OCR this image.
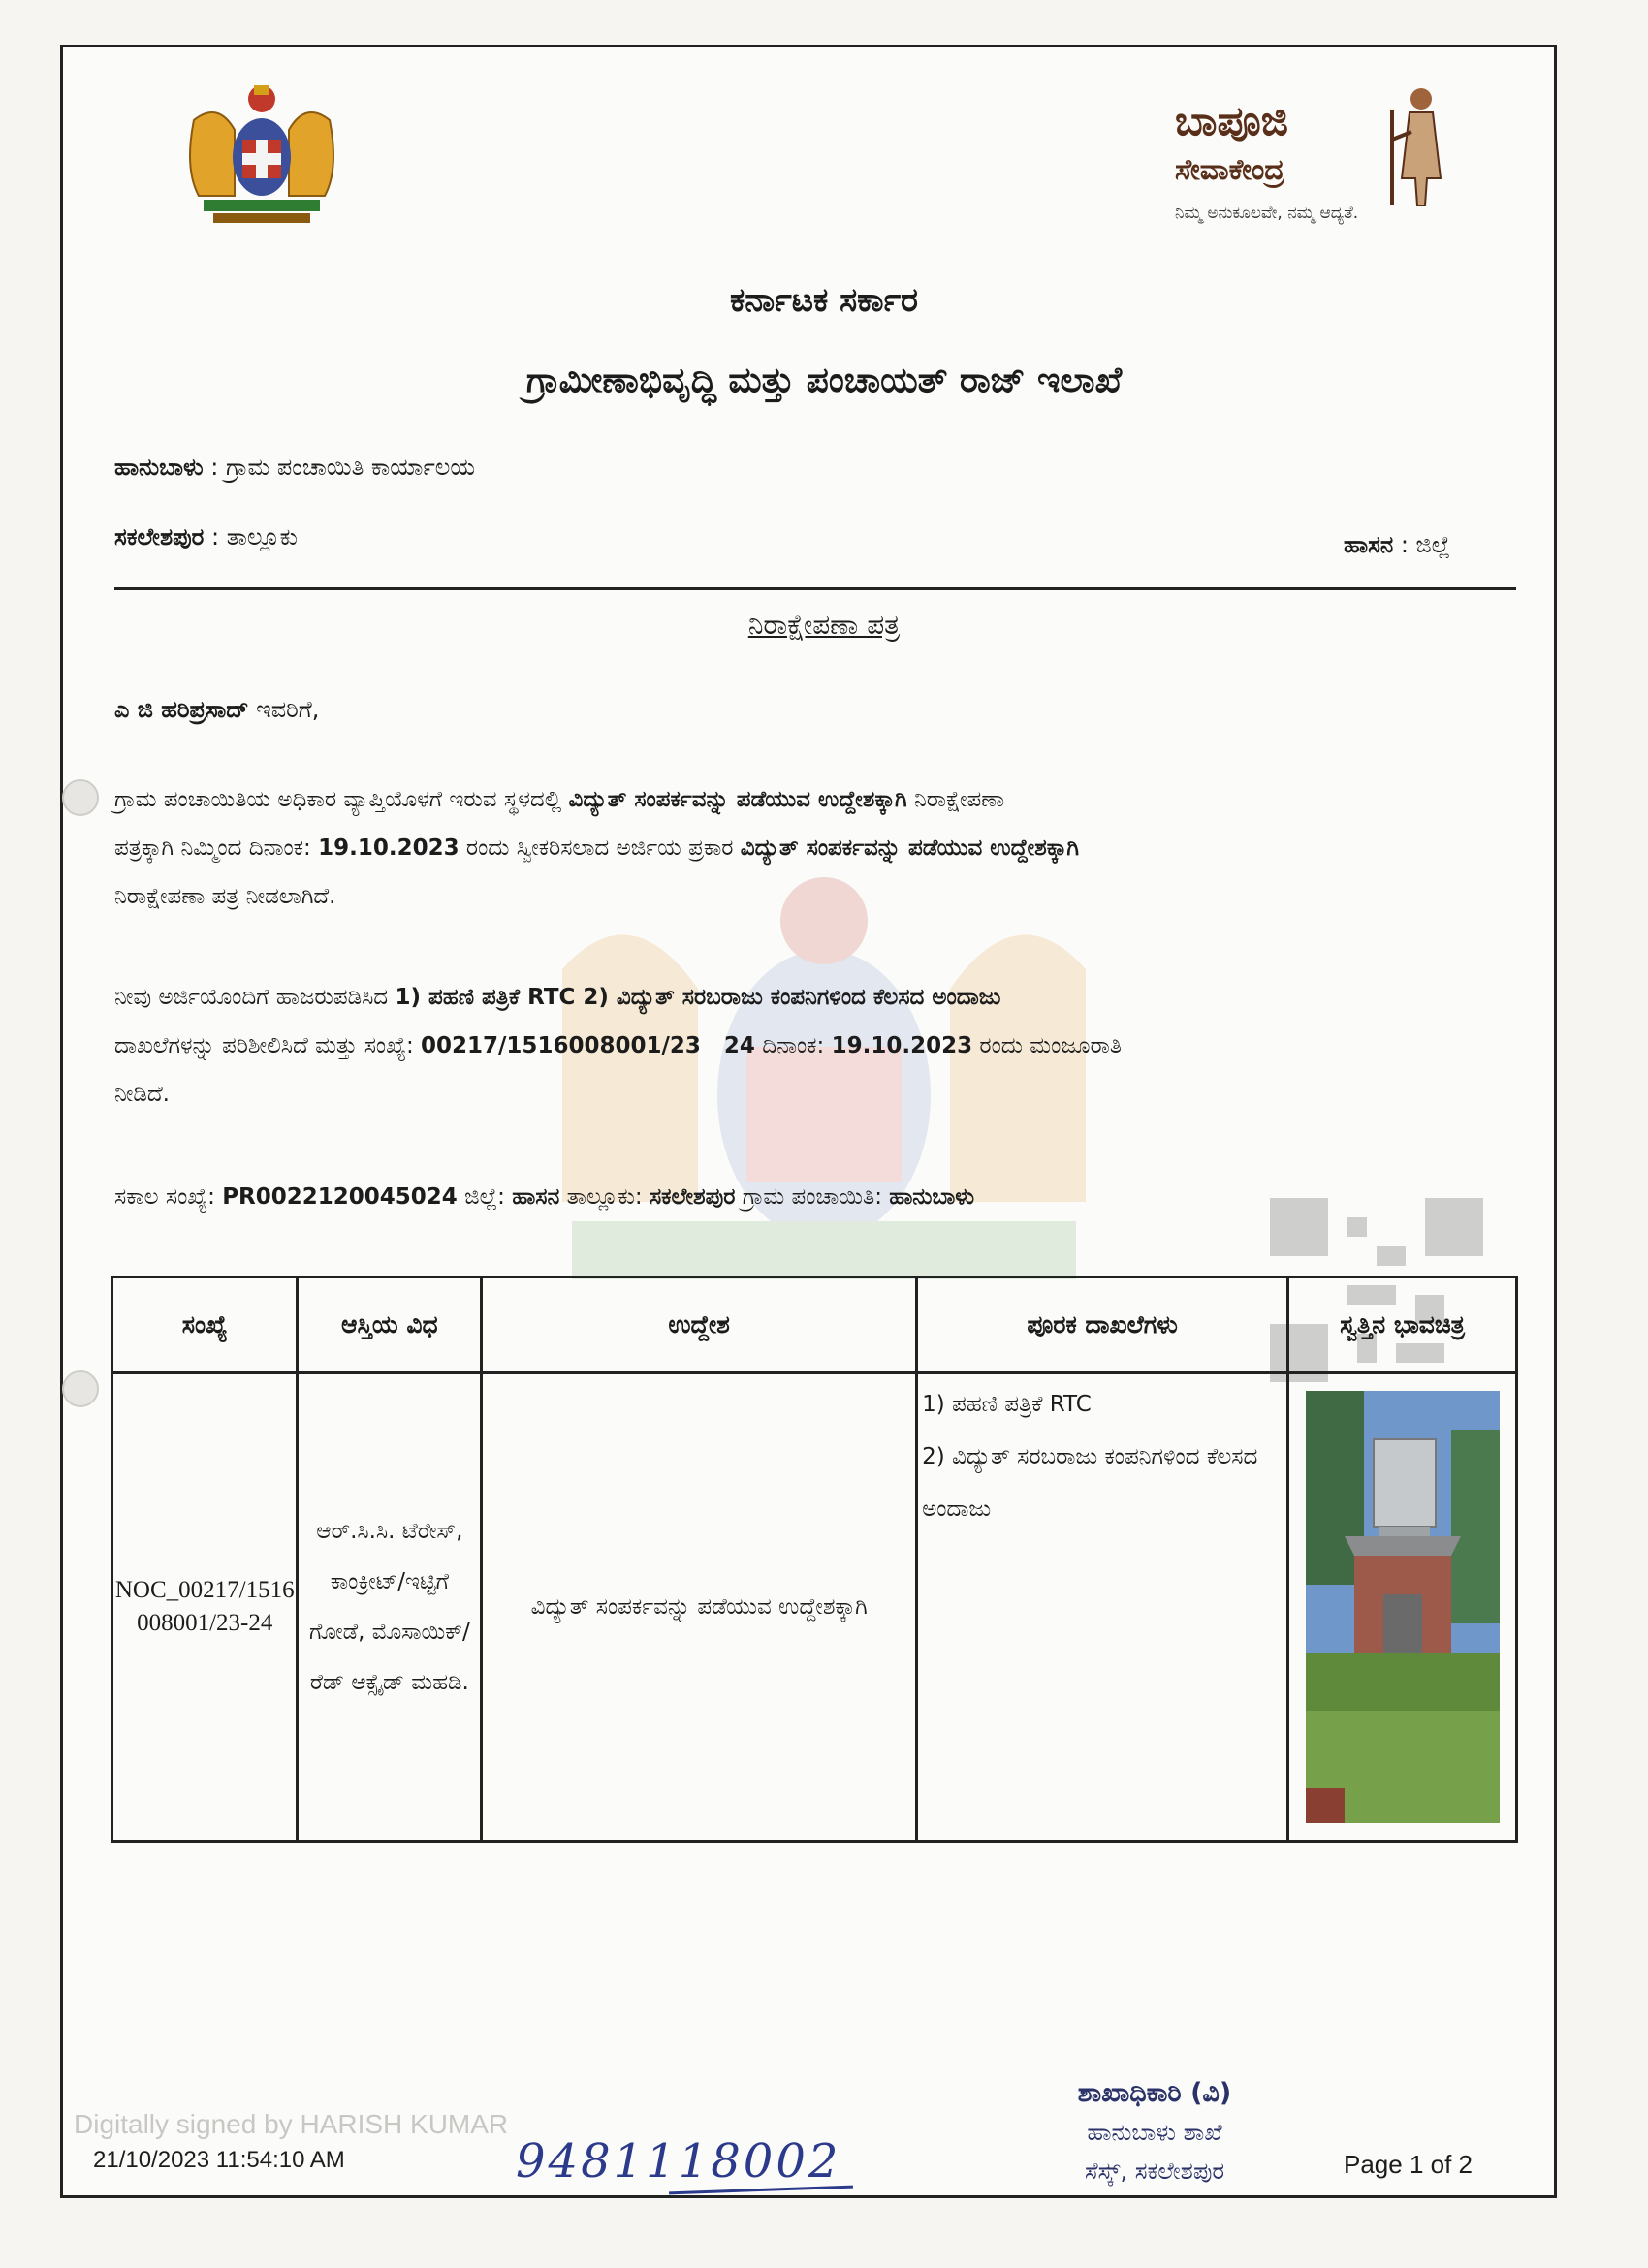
ಬಾಪೂಜಿ
ಸೇವಾಕೇಂದ್ರ
ನಿಮ್ಮ ಅನುಕೂಲವೇ, ನಮ್ಮ ಆದ್ಯತೆ.
ಕರ್ನಾಟಕ ಸರ್ಕಾರ
ಗ್ರಾಮೀಣಾಭಿವೃದ್ಧಿ ಮತ್ತು ಪಂಚಾಯತ್ ರಾಜ್ ಇಲಾಖೆ
ಹಾನುಬಾಳು : ಗ್ರಾಮ ಪಂಚಾಯಿತಿ ಕಾರ್ಯಾಲಯ
ಸಕಲೇಶಪುರ : ತಾಲ್ಲೂಕು	ಹಾಸನ : ಜಿಲ್ಲೆ
ನಿರಾಕ್ಷೇಪಣಾ ಪತ್ರ
ಎ ಜಿ ಹರಿಪ್ರಸಾದ್ ಇವರಿಗೆ,
ಗ್ರಾಮ ಪಂಚಾಯಿತಿಯ ಅಧಿಕಾರ ವ್ಯಾಪ್ತಿಯೊಳಗೆ ಇರುವ ಸ್ಥಳದಲ್ಲಿ ವಿದ್ಯುತ್ ಸಂಪರ್ಕವನ್ನು ಪಡೆಯುವ ಉದ್ದೇಶಕ್ಕಾಗಿ ನಿರಾಕ್ಷೇಪಣಾ
ಪತ್ರಕ್ಕಾಗಿ ನಿಮ್ಮಿಂದ ದಿನಾಂಕ: 19.10.2023 ರಂದು ಸ್ವೀಕರಿಸಲಾದ ಅರ್ಜಿಯ ಪ್ರಕಾರ ವಿದ್ಯುತ್ ಸಂಪರ್ಕವನ್ನು ಪಡೆಯುವ ಉದ್ದೇಶಕ್ಕಾಗಿ
ನಿರಾಕ್ಷೇಪಣಾ ಪತ್ರ ನೀಡಲಾಗಿದೆ.
ನೀವು ಅರ್ಜಿಯೊಂದಿಗೆ ಹಾಜರುಪಡಿಸಿದ 1) ಪಹಣಿ ಪತ್ರಿಕೆ RTC 2) ವಿದ್ಯುತ್ ಸರಬರಾಜು ಕಂಪನಿಗಳಿಂದ ಕೆಲಸದ ಅಂದಾಜು
ದಾಖಲೆಗಳನ್ನು ಪರಿಶೀಲಿಸಿದೆ ಮತ್ತು ಸಂಖ್ಯೆ: 00217/1516008001/23   24 ದಿನಾಂಕ: 19.10.2023 ರಂದು ಮಂಜೂರಾತಿ
ನೀಡಿದೆ.
ಸಕಾಲ ಸಂಖ್ಯೆ: PR0022120045024 ಜಿಲ್ಲೆ: ಹಾಸನ ತಾಲ್ಲೂಕು: ಸಕಲೇಶಪುರ ಗ್ರಾಮ ಪಂಚಾಯಿತಿ: ಹಾನುಬಾಳು
ಸಂಖ್ಯೆ	ಆಸ್ತಿಯ ವಿಧ	ಉದ್ದೇಶ	ಪೂರಕ ದಾಖಲೆಗಳು	ಸ್ವತ್ತಿನ ಭಾವಚಿತ್ರ
NOC_00217/1516008001/23-24	ಆರ್.ಸಿ.ಸಿ. ಟೆರೇಸ್, ಕಾಂಕ್ರೀಟ್/ಇಟ್ಟಿಗೆ ಗೋಡೆ, ಮೊಸಾಯಿಕ್/ರೆಡ್ ಆಕ್ಸೈಡ್ ಮಹಡಿ.	ವಿದ್ಯುತ್ ಸಂಪರ್ಕವನ್ನು ಪಡೆಯುವ ಉದ್ದೇಶಕ್ಕಾಗಿ	1) ಪಹಣಿ ಪತ್ರಿಕೆ RTC
2) ವಿದ್ಯುತ್ ಸರಬರಾಜು ಕಂಪನಿಗಳಿಂದ ಕೆಲಸದ ಅಂದಾಜು

Digitally signed by HARISH KUMAR
ಶಾಖಾಧಿಕಾರಿ (ವಿ)
ಹಾನುಬಾಳು ಶಾಖೆ
ಸೆಸ್ಕ್, ಸಕಲೇಶಪುರ
21/10/2023 11:54:10 AM	9481118002	Page 1 of 2
